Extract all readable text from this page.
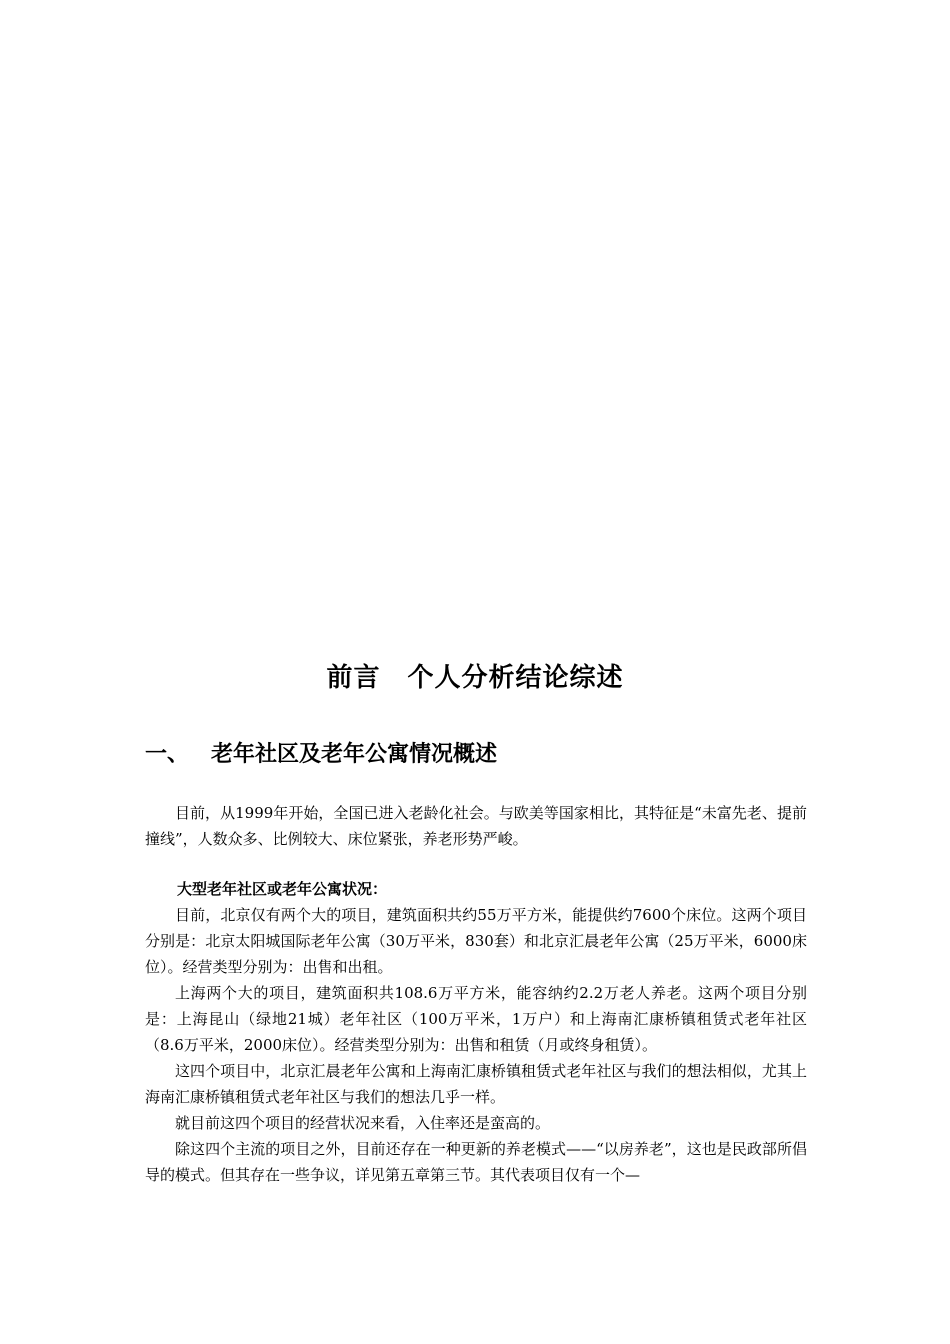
前言　个人分析结论综述
一、 老年社区及老年公寓情况概述

目前，从1999年开始，全国已进入老龄化社会。与欧美等国家相比，其特征是“未富先老、提前撞线”，人数众多、比例较大、床位紧张，养老形势严峻。

大型老年社区或老年公寓状况：

目前，北京仅有两个大的项目，建筑面积共约55万平方米，能提供约7600个床位。这两个项目分别是：北京太阳城国际老年公寓（30万平米，830套）和北京汇晨老年公寓（25万平米，6000床位）。经营类型分别为：出售和出租。

上海两个大的项目，建筑面积共108.6万平方米，能容纳约2.2万老人养老。这两个项目分别是：上海昆山（绿地21城）老年社区（100万平米，1万户）和上海南汇康桥镇租赁式老年社区（8.6万平米，2000床位）。经营类型分别为：出售和租赁（月或终身租赁）。

这四个项目中，北京汇晨老年公寓和上海南汇康桥镇租赁式老年社区与我们的想法相似，尤其上海南汇康桥镇租赁式老年社区与我们的想法几乎一样。

就目前这四个项目的经营状况来看，入住率还是蛮高的。

除这四个主流的项目之外，目前还存在一种更新的养老模式——“以房养老”，这也是民政部所倡导的模式。但其存在一些争议，详见第五章第三节。其代表项目仅有一个—
